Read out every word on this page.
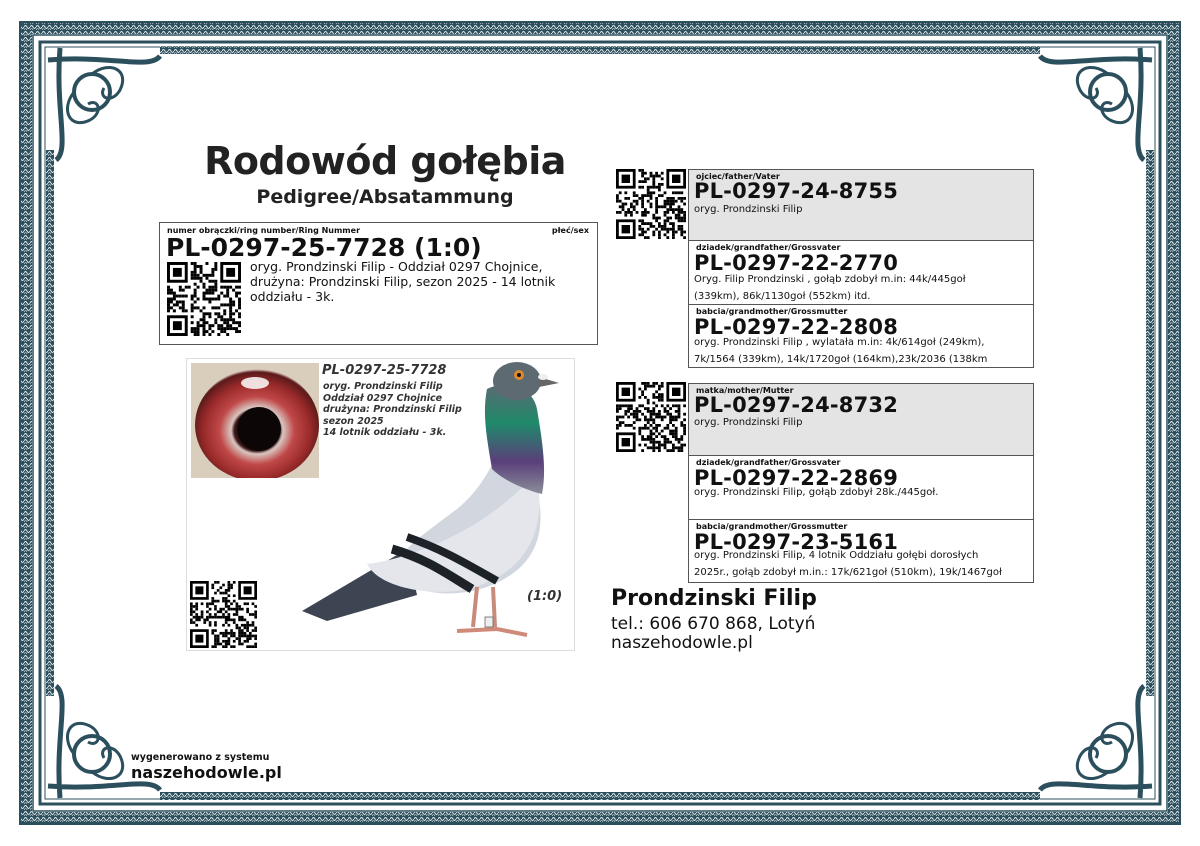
Rodowód gołębia
Pedigree/Absatammung
numer obrączki/ring number/Ring Nummer	płeć/sex
PL-0297-25-7728 (1:0)
oryg. Prondzinski Filip - Oddział 0297 Chojnice, drużyna: Prondzinski Filip, sezon 2025 - 14 lotnik oddziału - 3k.
PL-0297-25-7728
oryg. Prondzinski Filip
Oddział 0297 Chojnice
drużyna: Prondzinski Filip
sezon 2025
14 lotnik oddziału - 3k.
(1:0)
ojciec/father/Vater
PL-0297-24-8755
oryg. Prondzinski Filip
dziadek/grandfather/Grossvater
PL-0297-22-2770
Oryg. Filip Prondzinski , gołąb zdobył m.in: 44k/445goł
(339km), 86k/1130goł (552km) itd.
babcia/grandmother/Grossmutter
PL-0297-22-2808
oryg. Prondzinski Filip , wylatała m.in: 4k/614goł (249km),
7k/1564 (339km), 14k/1720goł (164km),23k/2036 (138km
matka/mother/Mutter
PL-0297-24-8732
oryg. Prondzinski Filip
dziadek/grandfather/Grossvater
PL-0297-22-2869
oryg. Prondzinski Filip, gołąb zdobył 28k./445goł.
babcia/grandmother/Grossmutter
PL-0297-23-5161
oryg. Prondzinski Filip, 4 lotnik Oddziału gołębi dorosłych
2025r., gołąb zdobył m.in.: 17k/621goł (510km), 19k/1467goł
Prondzinski Filip
tel.: 606 670 868, Lotyń
naszehodowle.pl
wygenerowano z systemu
naszehodowle.pl
